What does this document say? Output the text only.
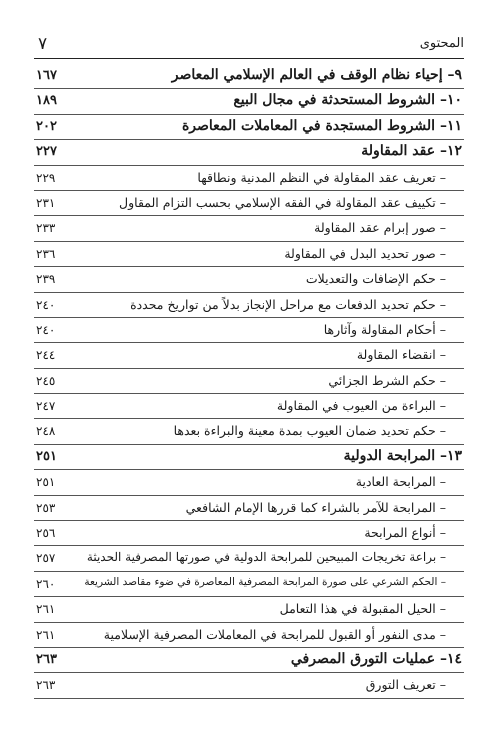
المحتوى
٧
٩– إحياء نظام الوقف في العالم الإسلامي المعاصر
١٦٧
١٠– الشروط المستحدثة في مجال البيع
١٨٩
١١– الشروط المستجدة في المعاملات المعاصرة
٢٠٢
١٢– عقد المقاولة
٢٢٧
– تعريف عقد المقاولة في النظم المدنية ونطاقها
٢٢٩
– تكييف عقد المقاولة في الفقه الإسلامي بحسب التزام المقاول
٢٣١
– صور إبرام عقد المقاولة
٢٣٣
– صور تحديد البدل في المقاولة
٢٣٦
– حكم الإضافات والتعديلات
٢٣٩
– حكم تحديد الدفعات مع مراحل الإنجاز بدلاً من تواريخ محددة
٢٤٠
– أحكام المقاولة وآثارها
٢٤٠
– انقضاء المقاولة
٢٤٤
– حكم الشرط الجزائي
٢٤٥
– البراءة من العيوب في المقاولة
٢٤٧
– حكم تحديد ضمان العيوب بمدة معينة والبراءة بعدها
٢٤٨
١٣– المرابحة الدولية
٢٥١
– المرابحة العادية
٢٥١
– المرابحة للآمر بالشراء كما قررها الإمام الشافعي
٢٥٣
– أنواع المرابحة
٢٥٦
– براعة تخريجات المبيحين للمرابحة الدولية في صورتها المصرفية الحديثة
٢٥٧
– الحكم الشرعي على صورة المرابحة المصرفية المعاصرة في ضوء مقاصد الشريعة
٢٦٠
– الحيل المقبولة في هذا التعامل
٢٦١
– مدى النفور أو القبول للمرابحة في المعاملات المصرفية الإسلامية
٢٦١
١٤– عمليات التورق المصرفي
٢٦٣
– تعريف التورق
٢٦٣
